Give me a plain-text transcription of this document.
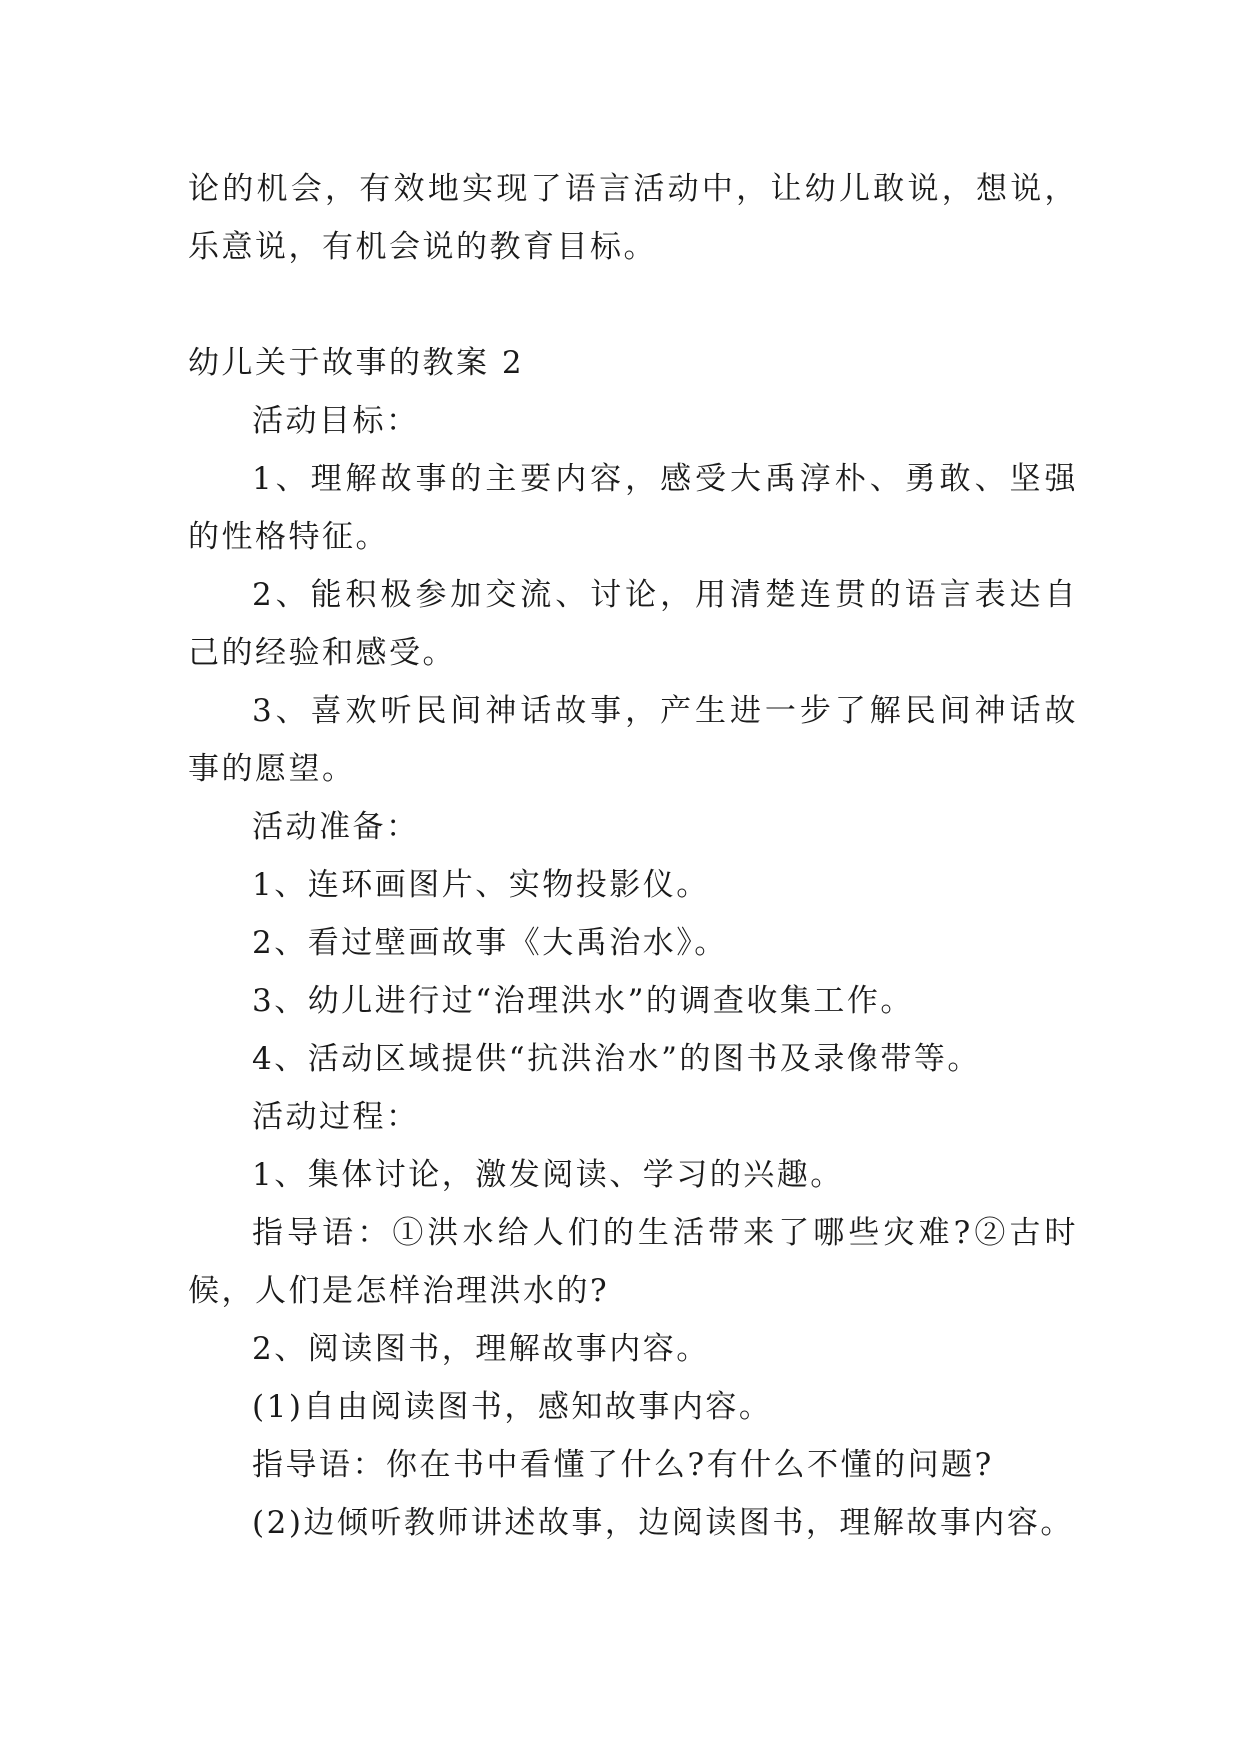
论的机会，有效地实现了语言活动中，让幼儿敢说，想说，乐意说，有机会说的教育目标。

幼儿关于故事的教案 2

活动目标：

1、理解故事的主要内容，感受大禹淳朴、勇敢、坚强的性格特征。

2、能积极参加交流、讨论，用清楚连贯的语言表达自己的经验和感受。

3、喜欢听民间神话故事，产生进一步了解民间神话故事的愿望。

活动准备：

1、连环画图片、实物投影仪。

2、看过壁画故事《大禹治水》。

3、幼儿进行过“治理洪水”的调查收集工作。

4、活动区域提供“抗洪治水”的图书及录像带等。

活动过程：

1、集体讨论，激发阅读、学习的兴趣。

指导语：①洪水给人们的生活带来了哪些灾难?②古时候，人们是怎样治理洪水的?

2、阅读图书，理解故事内容。

(1)自由阅读图书，感知故事内容。

指导语：你在书中看懂了什么?有什么不懂的问题?

(2)边倾听教师讲述故事，边阅读图书，理解故事内容。
